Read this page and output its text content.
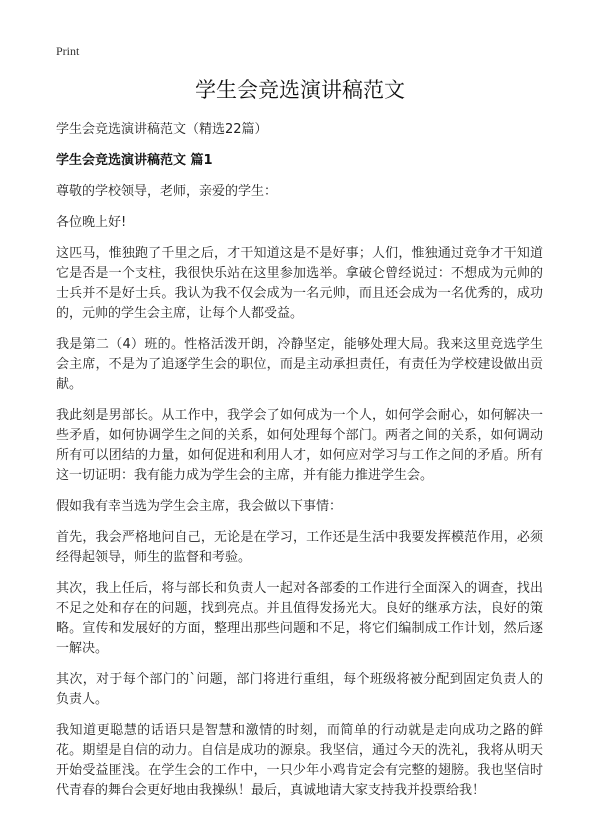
Print
学生会竞选演讲稿范文

学生会竞选演讲稿范文（精选22篇）

学生会竞选演讲稿范文 篇1

尊敬的学校领导，老师，亲爱的学生：

各位晚上好!

这匹马，惟独跑了千里之后，才干知道这是不是好事；人们，惟独通过竞争才干知道它是否是一个支柱，我很快乐站在这里参加选举。拿破仑曾经说过：不想成为元帅的士兵并不是好士兵。我认为我不仅会成为一名元帅，而且还会成为一名优秀的，成功的，元帅的学生会主席，让每个人都受益。

我是第二（4）班的。性格活泼开朗，冷静坚定，能够处理大局。我来这里竞选学生会主席，不是为了追逐学生会的职位，而是主动承担责任，有责任为学校建设做出贡献。

我此刻是男部长。从工作中，我学会了如何成为一个人，如何学会耐心，如何解决一些矛盾，如何协调学生之间的关系，如何处理每个部门。两者之间的关系，如何调动所有可以团结的力量，如何促进和利用人才，如何应对学习与工作之间的矛盾。所有这一切证明：我有能力成为学生会的主席，并有能力推进学生会。

假如我有幸当选为学生会主席，我会做以下事情：

首先，我会严格地问自己，无论是在学习，工作还是生活中我要发挥模范作用，必须经得起领导，师生的监督和考验。

其次，我上任后，将与部长和负责人一起对各部委的工作进行全面深入的调查，找出不足之处和存在的问题，找到亮点。并且值得发扬光大。良好的继承方法，良好的策略。宣传和发展好的方面，整理出那些问题和不足，将它们编制成工作计划，然后逐一解决。

其次，对于每个部门的`问题，部门将进行重组，每个班级将被分配到固定负责人的负责人。

我知道更聪慧的话语只是智慧和激情的时刻，而简单的行动就是走向成功之路的鲜花。期望是自信的动力。自信是成功的源泉。我坚信，通过今天的洗礼，我将从明天开始受益匪浅。在学生会的工作中，一只少年小鸡肯定会有完整的翅膀。我也坚信时代青春的舞台会更好地由我操纵！最后，真诚地请大家支持我并投票给我！
